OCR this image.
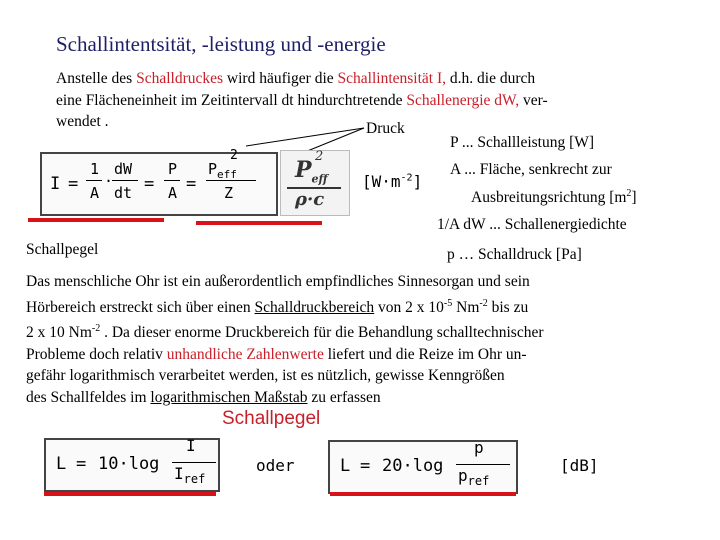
Schallintentsität, -leistung und -energie
Anstelle des Schalldruckes wird häufiger die Schallintensität I, d.h. die durch
eine Flächeneinheit im Zeitintervall dt hindurchtretende Schallenergie dW, ver-
wendet .	Druck
P ... Schallleistung [W]
A ... Fläche, senkrecht zur
Ausbreitungsrichtung $[m^2]$
1/A dW ... Schallenergiedichte
p … Schalldruck [Pa]
I =
1
A
·
dW
dt =
P
A =
2
$P_{eff}$
Z
2
$P_{eff}$
ρ·c
$[W\cdot m^{-2}]$
Schallpegel
Das menschliche Ohr ist ein außerordentlich empfindliches Sinnesorgan und sein
Hörbereich erstreckt sich über einen Schalldruckbereich von 2 x $10^{-5}$ $Nm^{-2}$ bis zu
2 x 10 $Nm^{-2}$ . Da dieser enorme Druckbereich für die Behandlung schalltechnischer
Probleme doch relativ unhandliche Zahlenwerte liefert und die Reize im Ohr un-
gefähr logarithmisch verarbeitet werden, ist es nützlich, gewisse Kenngrößen
des Schallfeldes im logarithmischen Maßstab zu erfassen
Schallpegel
L = 10·log
I
$I_{ref}$
oder	L = 20·log
p
$p_{ref}$
[dB]
